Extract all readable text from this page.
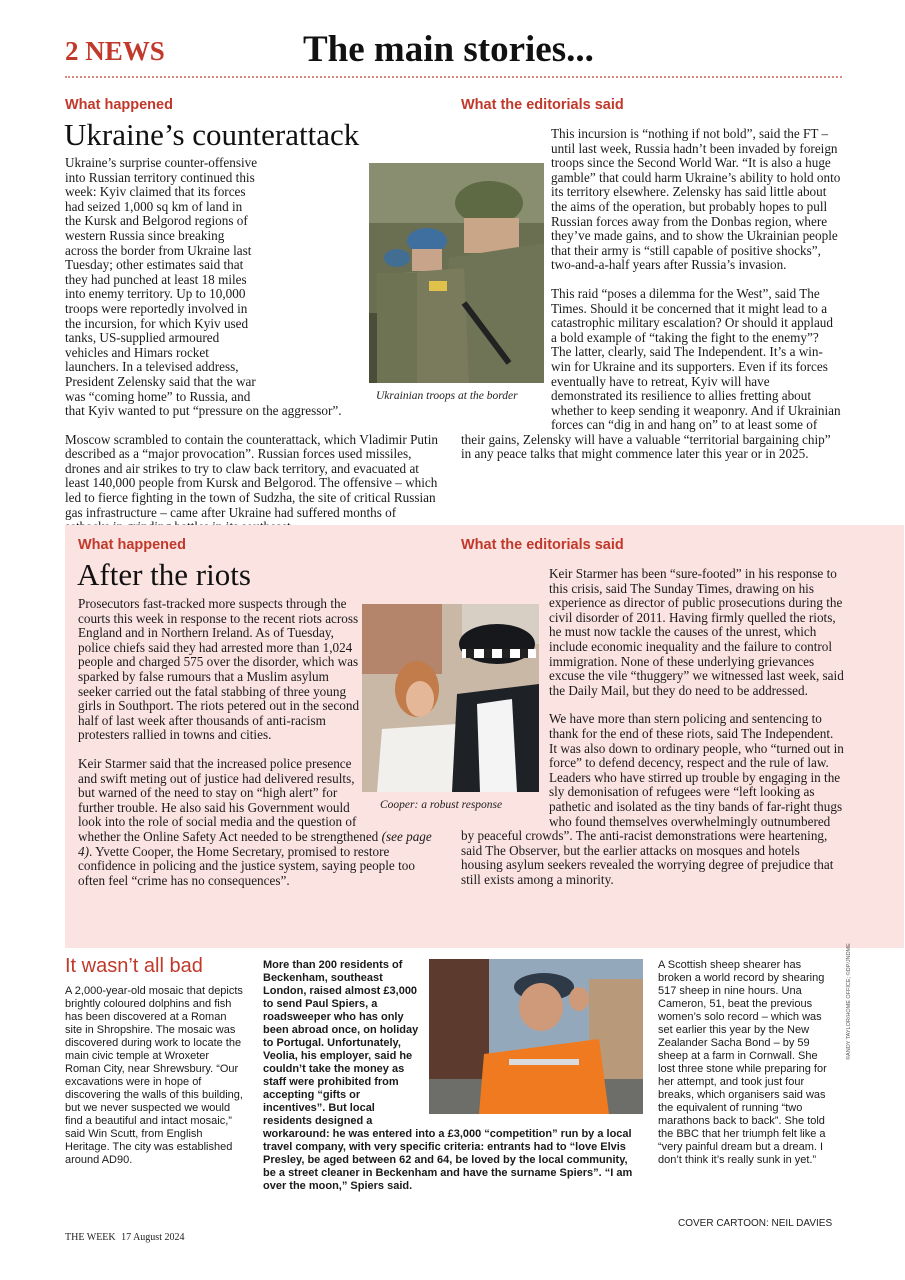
2 NEWS	The main stories...
What happened
Ukraine’s counterattack

Ukraine’s surprise counter-offensive into Russian territory continued this week: Kyiv claimed that its forces had seized 1,000 sq km of land in the Kursk and Belgorod regions of western Russia since breaking across the border from Ukraine last Tuesday; other estimates said that they had punched at least 18 miles into enemy territory. Up to 10,000 troops were reportedly involved in the incursion, for which Kyiv used tanks, US-supplied armoured vehicles and Himars rocket launchers. In a televised address, President Zelensky said that the war was “coming home” to Russia, and that Kyiv wanted to put “pressure on the aggressor”.

Moscow scrambled to contain the counterattack, which Vladimir Putin described as a “major provocation”. Russian forces used missiles, drones and air strikes to try to claw back territory, and evacuated at least 140,000 people from Kursk and Belgorod. The offensive – which led to fierce fighting in the town of Sudzha, the site of critical Russian gas infrastructure – came after Ukraine had suffered months of

What the editorials said

This incursion is “nothing if not bold”, said the FT – until last week, Russia hadn’t been invaded by foreign troops since the Second World War. “It is also a huge gamble” that could harm Ukraine’s ability to hold onto its territory elsewhere. Zelensky has said little about the aims of the operation, but probably hopes to pull Russian forces away from the Donbas region, where they’ve made gains, and to show the Ukrainian people that their army is “still capable of positive shocks”, two-and-a-half years after Russia’s invasion.

This raid “poses a dilemma for the West”, said The Times. Should it be concerned that it might lead to a catastrophic military escalation? Or should it applaud a bold example of “taking the fight to the enemy”? The latter, clearly, said The Independent. It’s a win-win for Ukraine and its supporters. Even if its forces eventually have to retreat, Kyiv will have demonstrated its resilience to allies fretting about whether to keep sending it weaponry. And if Ukrainian forces can “dig in and hang on” to at least some of their gains, Zelensky will have a valuable “territorial bargaining chip” in any peace talks that might commence later this year or in 2025.

Ukrainian troops at the border
What happened
After the riots

Prosecutors fast-tracked more suspects through the courts this week in response to the recent riots across England and in Northern Ireland. As of Tuesday, police chiefs said they had arrested more than 1,024 people and charged 575 over the disorder, which was sparked by false rumours that a Muslim asylum seeker carried out the fatal stabbing of three young girls in Southport. The riots petered out in the second half of last week after thousands of anti-racism protesters rallied in towns and cities.

Keir Starmer said that the increased police presence and swift meting out of justice had delivered results, but warned of the need to stay on “high alert” for further trouble. He also said his Government would look into the role of social media and the question of whether the Online Safety Act needed to be strengthened (see page 4). Yvette Cooper, the Home Secretary, promised to restore confidence in policing and the justice system, saying people too often feel “crime has no consequences”.

What the editorials said

Keir Starmer has been “sure-footed” in his response to this crisis, said The Sunday Times, drawing on his experience as director of public prosecutions during the civil disorder of 2011. Having firmly quelled the riots, he must now tackle the causes of the unrest, which include economic inequality and the failure to control immigration. None of these underlying grievances excuse the vile “thuggery” we witnessed last week, said the Daily Mail, but they do need to be addressed.

We have more than stern policing and sentencing to thank for the end of these riots, said The Independent. It was also down to ordinary people, who “turned out in force” to defend decency, respect and the rule of law. Leaders who have stirred up trouble by engaging in the sly demonisation of refugees were “left looking as pathetic and isolated as the tiny bands of far-right thugs who found themselves overwhelmingly outnumbered by peaceful crowds”. The anti-racist demonstrations were heartening, said The Observer, but the earlier attacks on mosques and hotels housing asylum seekers revealed the worrying degree of prejudice that still exists among a minority.

Cooper: a robust response
It wasn’t all bad

A 2,000-year-old mosaic that depicts brightly coloured dolphins and fish has been discovered at a Roman site in Shropshire. The mosaic was discovered during work to locate the main civic temple at Wroxeter Roman City, near Shrewsbury. “Our excavations were in hope of discovering the walls of this building, but we never suspected we would find a beautiful and intact mosaic,” said Win Scutt, from English Heritage. The city was established around AD90.

More than 200 residents of Beckenham, southeast London, raised almost £3,000 to send Paul Spiers, a roadsweeper who has only been abroad once, on holiday to Portugal. Unfortunately, Veolia, his employer, said he couldn’t take the money as staff were prohibited from accepting “gifts or incentives”. But local residents designed a workaround: he was entered into a £3,000 “competition” run by a local travel company, with very specific criteria: entrants had to “love Elvis Presley, be aged between 62 and 64, be loved by the local community, be a street cleaner in Beckenham and have the surname Spiers”. “I am over the moon,” Spiers said.

A Scottish sheep shearer has broken a world record by shearing 517 sheep in nine hours. Una Cameron, 51, beat the previous women’s solo record – which was set earlier this year by the New Zealander Sacha Bond – by 59 sheep at a farm in Cornwall. She lost three stone while preparing for her attempt, and took just four breaks, which organisers said was the equivalent of running “two marathons back to back”. She told the BBC that her triumph felt like a “very painful dream but a dream. I don’t think it’s really sunk in yet.”

©ANDY TAYLOR/HOME OFFICE; ©DP/JNDME
COVER CARTOON: NEIL DAVIES
THE WEEK 17 August 2024
